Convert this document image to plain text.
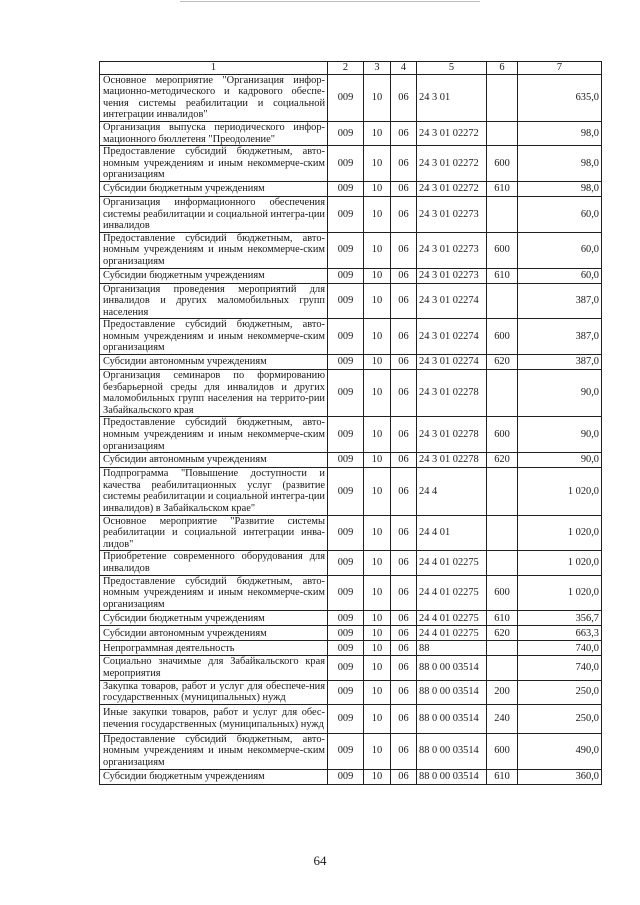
1	2	3	4	5	6	7
Основное мероприятие "Организация инфор-мационно-методического и кадрового обеспе-чения системы реабилитации и социальной интеграции инвалидов"	009	10	06	24 3 01		635,0
Организация выпуска периодического инфор-мационного бюллетеня "Преодоление"	009	10	06	24 3 01 02272		98,0
Предоставление субсидий бюджетным, авто-номным учреждениям и иным некоммерче-ским организациям	009	10	06	24 3 01 02272	600	98,0
Субсидии бюджетным учреждениям	009	10	06	24 3 01 02272	610	98,0
Организация информационного обеспечения системы реабилитации и социальной интегра-ции инвалидов	009	10	06	24 3 01 02273		60,0
Предоставление субсидий бюджетным, авто-номным учреждениям и иным некоммерче-ским организациям	009	10	06	24 3 01 02273	600	60,0
Субсидии бюджетным учреждениям	009	10	06	24 3 01 02273	610	60,0
Организация проведения мероприятий для инвалидов и других маломобильных групп населения	009	10	06	24 3 01 02274		387,0
Предоставление субсидий бюджетным, авто-номным учреждениям и иным некоммерче-ским организациям	009	10	06	24 3 01 02274	600	387,0
Субсидии автономным учреждениям	009	10	06	24 3 01 02274	620	387,0
Организация семинаров по формированию безбарьерной среды для инвалидов и других маломобильных групп населения на террито-рии Забайкальского края	009	10	06	24 3 01 02278		90,0
Предоставление субсидий бюджетным, авто-номным учреждениям и иным некоммерче-ским организациям	009	10	06	24 3 01 02278	600	90,0
Субсидии автономным учреждениям	009	10	06	24 3 01 02278	620	90,0
Подпрограмма "Повышение доступности и качества реабилитационных услуг (развитие системы реабилитации и социальной интегра-ции инвалидов) в Забайкальском крае"	009	10	06	24 4		1 020,0
Основное мероприятие "Развитие системы реабилитации и социальной интеграции инва-лидов"	009	10	06	24 4 01		1 020,0
Приобретение современного оборудования для инвалидов	009	10	06	24 4 01 02275		1 020,0
Предоставление субсидий бюджетным, авто-номным учреждениям и иным некоммерче-ским организациям	009	10	06	24 4 01 02275	600	1 020,0
Субсидии бюджетным учреждениям	009	10	06	24 4 01 02275	610	356,7
Субсидии автономным учреждениям	009	10	06	24 4 01 02275	620	663,3
Непрограммная деятельность	009	10	06	88		740,0
Социально значимые для Забайкальского края мероприятия	009	10	06	88 0 00 03514		740,0
Закупка товаров, работ и услуг для обеспече-ния государственных (муниципальных) нужд	009	10	06	88 0 00 03514	200	250,0
Иные закупки товаров, работ и услуг для обес-печения государственных (муниципальных) нужд	009	10	06	88 0 00 03514	240	250,0
Предоставление субсидий бюджетным, авто-номным учреждениям и иным некоммерче-ским организациям	009	10	06	88 0 00 03514	600	490,0
Субсидии бюджетным учреждениям	009	10	06	88 0 00 03514	610	360,0
64
